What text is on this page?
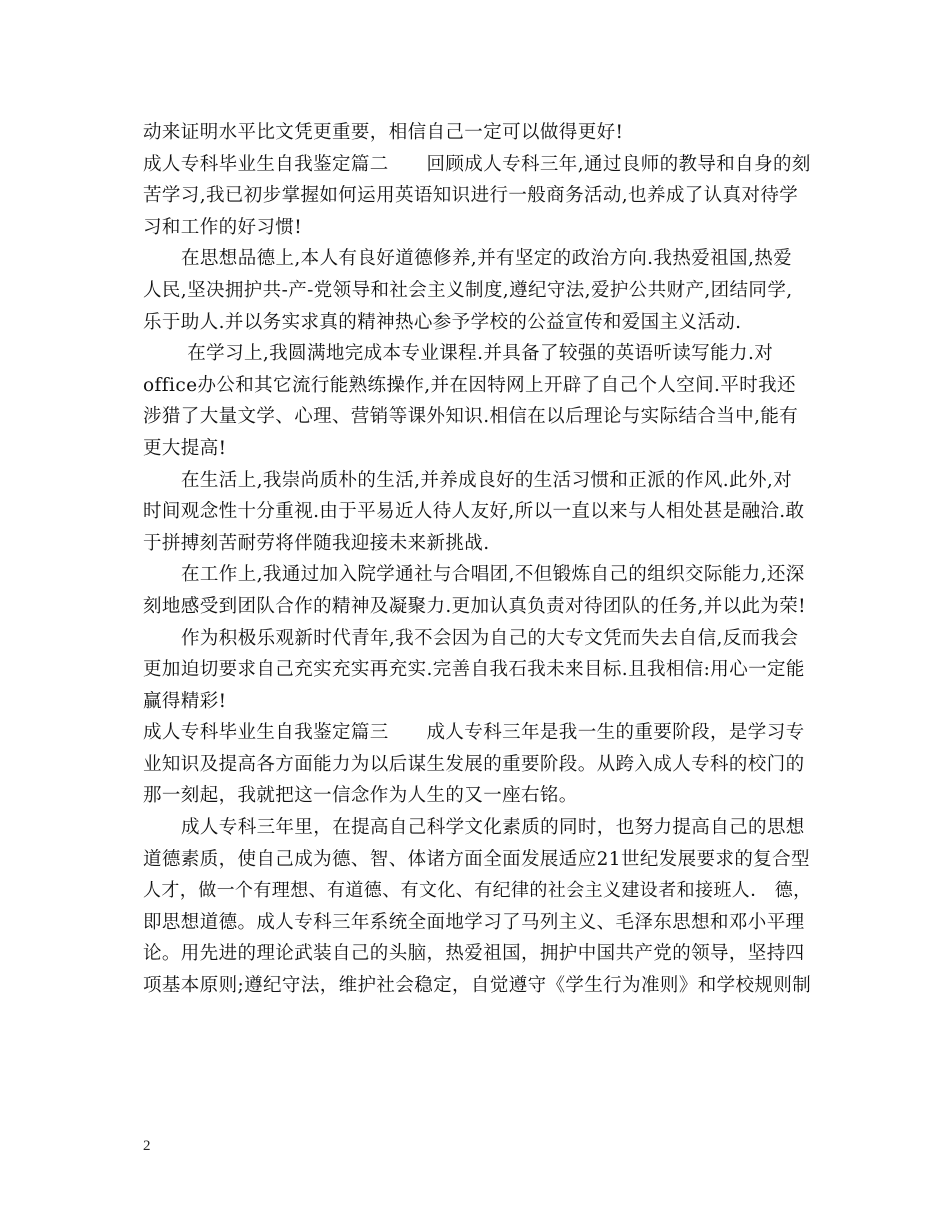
动来证明水平比文凭更重要，相信自己一定可以做得更好!
成人专科毕业生自我鉴定篇二　　回顾成人专科三年,通过良师的教导和自身的刻
苦学习,我已初步掌握如何运用英语知识进行一般商务活动,也养成了认真对待学
习和工作的好习惯!
在思想品德上,本人有良好道德修养,并有坚定的政治方向.我热爱祖国,热爱
人民,坚决拥护共-产-党领导和社会主义制度,遵纪守法,爱护公共财产,团结同学,
乐于助人.并以务实求真的精神热心参予学校的公益宣传和爱国主义活动.
在学习上,我圆满地完成本专业课程.并具备了较强的英语听读写能力.对
office办公和其它流行能熟练操作,并在因特网上开辟了自己个人空间.平时我还
涉猎了大量文学、心理、营销等课外知识.相信在以后理论与实际结合当中,能有
更大提高!
在生活上,我崇尚质朴的生活,并养成良好的生活习惯和正派的作风.此外,对
时间观念性十分重视.由于平易近人待人友好,所以一直以来与人相处甚是融洽.敢
于拼搏刻苦耐劳将伴随我迎接未来新挑战.
在工作上,我通过加入院学通社与合唱团,不但锻炼自己的组织交际能力,还深
刻地感受到团队合作的精神及凝聚力.更加认真负责对待团队的任务,并以此为荣!
作为积极乐观新时代青年,我不会因为自己的大专文凭而失去自信,反而我会
更加迫切要求自己充实充实再充实.完善自我石我未来目标.且我相信:用心一定能
赢得精彩!
成人专科毕业生自我鉴定篇三　　成人专科三年是我一生的重要阶段，是学习专
业知识及提高各方面能力为以后谋生发展的重要阶段。从跨入成人专科的校门的
那一刻起，我就把这一信念作为人生的又一座右铭。
成人专科三年里，在提高自己科学文化素质的同时，也努力提高自己的思想
道德素质，使自己成为德、智、体诸方面全面发展适应21世纪发展要求的复合型
人才，做一个有理想、有道德、有文化、有纪律的社会主义建设者和接班人． 德，
即思想道德。成人专科三年系统全面地学习了马列主义、毛泽东思想和邓小平理
论。用先进的理论武装自己的头脑，热爱祖国，拥护中国共产党的领导，坚持四
项基本原则;遵纪守法，维护社会稳定，自觉遵守《学生行为准则》和学校规则制
2
